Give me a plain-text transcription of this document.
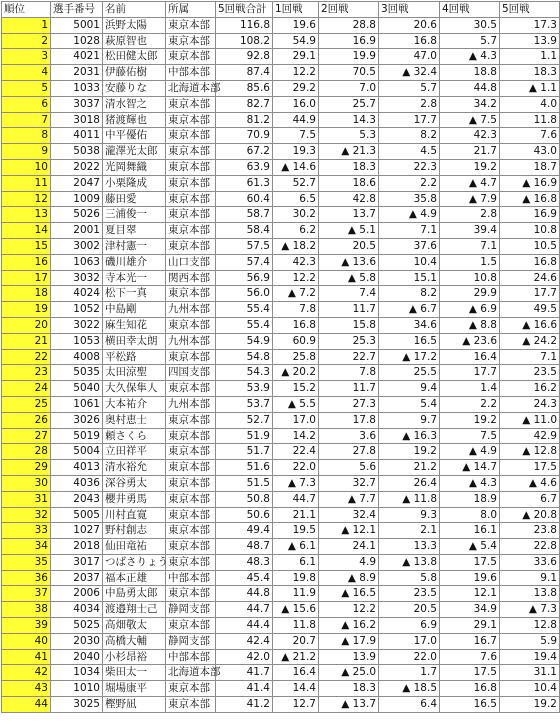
順位	選手番号	名前	所属	5回戦合計	1回戦	2回戦	3回戦	4回戦	5回戦
1	5001	浜野太陽	東京本部	116.8	19.6	28.8	20.6	30.5	17.3
2	1028	萩原智也	東京本部	108.2	54.9	16.9	16.8	5.7	13.9
3	4021	松田健太郎	東京本部	92.8	29.1	19.9	47.0	▲ 4.3	1.1
4	2031	伊藤佑樹	中部本部	87.4	12.2	70.5	▲ 32.4	18.8	18.3
5	1033	安藤りな	北海道本部	85.6	29.2	7.0	5.7	44.8	▲ 1.1
6	3037	清水智之	東京本部	82.7	16.0	25.7	2.8	34.2	4.0
7	3018	猪渡輝也	東京本部	81.2	44.9	14.3	17.7	▲ 7.5	11.8
8	4011	中平優佑	東京本部	70.9	7.5	5.3	8.2	42.3	7.6
9	5038	瀧澤光太郎	東京本部	67.2	19.3	▲ 21.3	4.5	21.7	43.0
10	2022	光岡舞織	東京本部	63.9	▲ 14.6	18.3	22.3	19.2	18.7
11	2047	小栗隆成	東京本部	61.3	52.7	18.6	2.2	▲ 4.7	▲ 16.9
12	1009	藤田愛	東京本部	60.4	6.5	42.8	35.8	▲ 7.9	▲ 16.8
13	5026	三浦俊一	東京本部	58.7	30.2	13.7	▲ 4.9	2.8	16.9
14	2001	夏目翠	東京本部	58.4	6.2	▲ 5.1	7.1	39.4	10.8
15	3002	津村憲一	東京本部	57.5	▲ 18.2	20.5	37.6	7.1	10.5
16	1063	磯川雄介	山口支部	57.4	42.3	▲ 13.6	10.4	1.5	16.8
17	3032	寺本光一	関西本部	56.9	12.2	▲ 5.8	15.1	10.8	24.6
18	4024	松下一真	東京本部	56.0	▲ 7.2	7.4	8.2	29.9	17.7
19	1052	中島剛	九州本部	55.4	7.8	11.7	▲ 6.7	▲ 6.9	49.5
20	3022	麻生知花	東京本部	55.4	16.8	15.8	34.6	▲ 8.8	▲ 16.6
21	1053	横田幸太朗	九州本部	54.9	60.9	25.3	16.5	▲ 23.6	▲ 24.2
22	4008	平松路	東京本部	54.8	25.8	22.7	▲ 17.2	16.4	7.1
23	5035	太田涼聖	四国支部	54.3	▲ 20.2	7.8	25.5	17.7	23.5
24	5040	大久保隼人	東京本部	53.9	15.2	11.7	9.4	1.4	16.2
25	1061	大本祐介	九州本部	53.7	▲ 5.5	27.3	5.4	2.2	24.3
26	3026	奥村恵士	東京本部	52.7	17.0	17.8	9.7	19.2	▲ 11.0
27	5019	頼さくら	東京本部	51.9	14.2	3.6	▲ 16.3	7.5	42.9
28	5004	立田祥平	東京本部	51.7	22.4	27.8	19.2	▲ 4.9	▲ 12.8
29	4013	清水裕允	東京本部	51.6	22.0	5.6	21.2	▲ 14.7	17.5
30	4036	深谷勇太	東京本部	51.5	▲ 7.3	32.7	26.4	▲ 4.3	▲ 4.6
31	2043	櫻井勇馬	東京本部	50.8	44.7	▲ 7.7	▲ 11.8	18.9	6.7
32	5005	川村直寛	東京本部	50.6	21.1	32.4	9.3	8.0	▲ 20.8
33	1027	野村創志	東京本部	49.4	19.5	▲ 12.1	2.1	16.1	23.8
34	2018	仙田竜祐	東京本部	48.7	▲ 6.1	24.1	13.3	▲ 5.4	22.8
35	3017	つばさりょう	東京本部	48.3	6.1	4.9	▲ 13.8	17.5	33.6
36	2037	福本正雄	中部本部	45.4	19.8	▲ 8.9	5.8	19.6	9.1
37	2006	中島勇太郎	東京本部	44.8	11.9	▲ 16.5	23.5	12.1	13.8
38	4034	渡邉翔士己	静岡支部	44.7	▲ 15.6	12.2	20.5	34.9	▲ 7.3
39	5025	高畑敬太	東京本部	44.4	11.8	▲ 16.2	6.9	29.1	12.8
40	2030	高橋大輔	静岡支部	42.4	20.7	▲ 17.9	17.0	16.7	5.9
41	2040	小杉昂裕	中部本部	42.0	▲ 21.2	13.9	22.0	7.6	19.4
42	1034	柴田太一	北海道本部	41.7	16.4	▲ 25.0	1.7	17.5	31.1
43	1010	堀場康平	東京本部	41.4	14.4	18.3	▲ 18.5	16.8	10.4
44	3025	樫野凪	東京本部	41.2	12.7	▲ 13.7	6.4	16.5	19.2
